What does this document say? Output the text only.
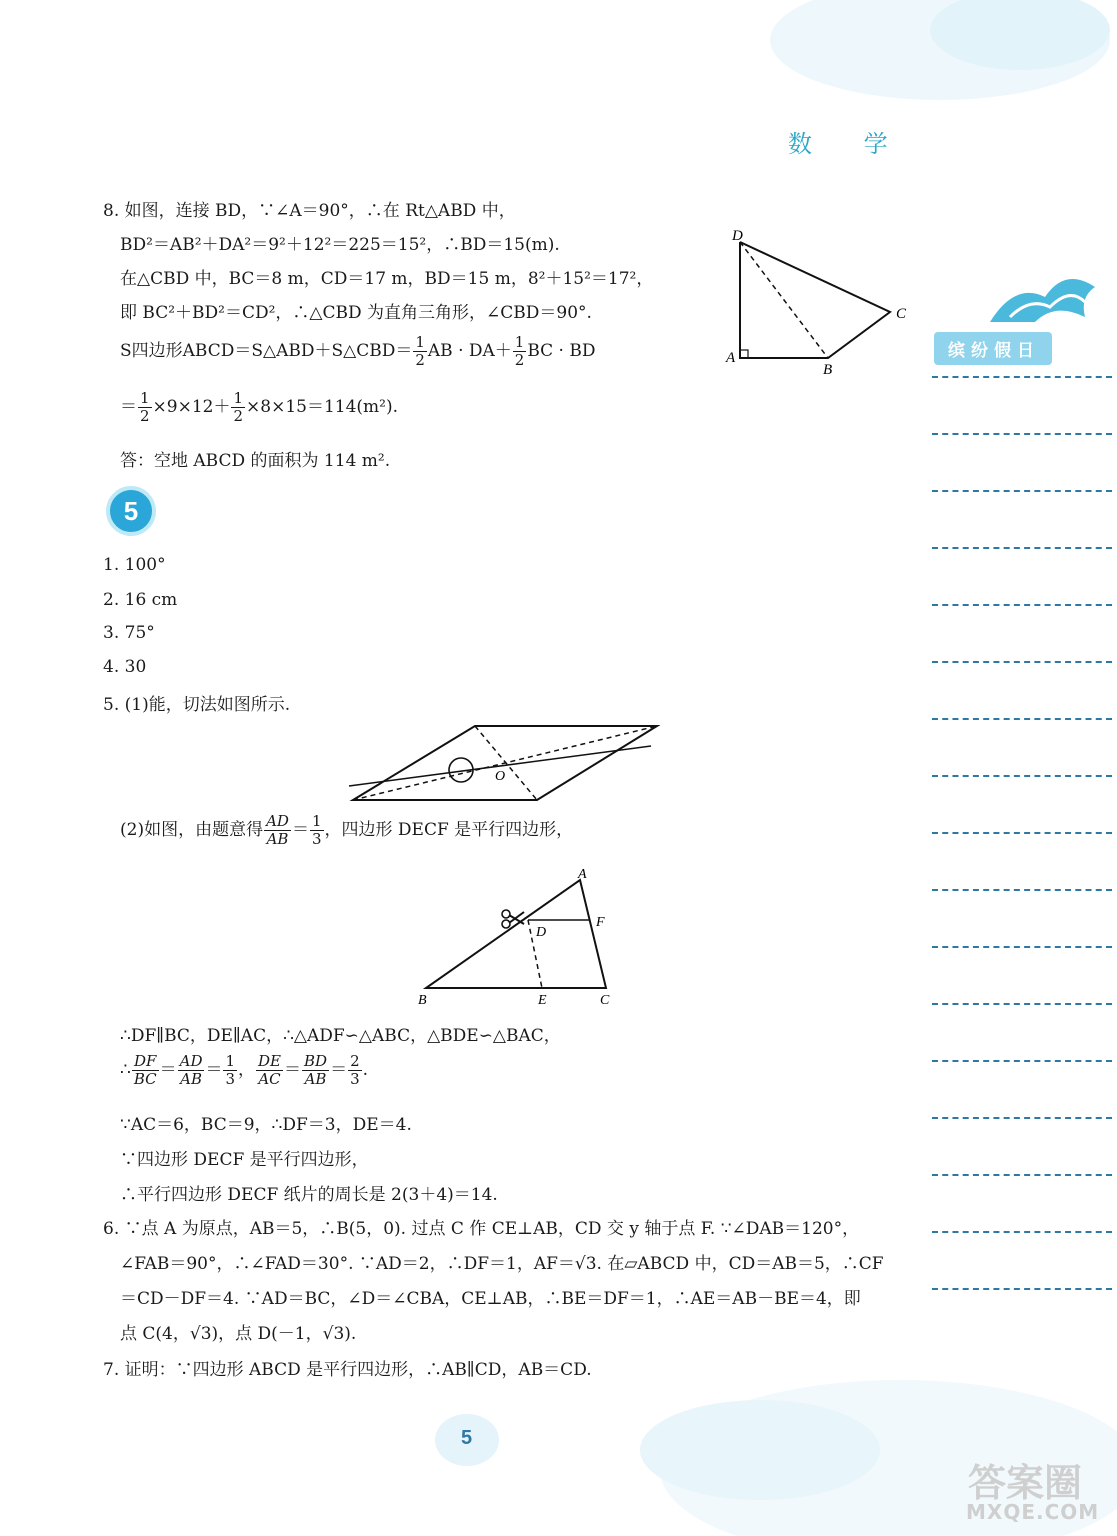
数 学
缤纷假日
8. 如图，连接 BD，∵∠A＝90°，∴在 Rt△ABD 中，
BD²＝AB²＋DA²＝9²＋12²＝225＝15²，∴BD＝15(m).
在△CBD 中，BC＝8 m，CD＝17 m，BD＝15 m，8²＋15²＝17²，
即 BC²＋BD²＝CD²，∴△CBD 为直角三角形，∠CBD＝90°.
S四边形ABCD＝S△ABD＋S△CBD＝ $\frac{1}{2}$ AB · $DA+ \frac{1}{2}$ BC · BD
＝ $\frac{1}{2} \times 9\times 12+ \frac{1}{2} \times 8\times 15=114(m^2)$.
答：空地 ABCD 的面积为 114 m².
D
A
B
C
5
1. 100°
2. 16 cm
3. 75°
4. 30
5. (1)能，切法如图所示.
O
(2)如图，由题意得 $\frac{AD}{AB} = \frac{1}{3}$ ，四边形 DECF 是平行四边形，
A
F
D
B	E	C
∴DF∥BC，DE∥AC，∴△ADF∽△ABC，△BDE∽△BAC，
∴ $\frac{DF}{BC} = \frac{AD}{AB} = \frac{1}{3}$ ， $\frac{DE}{AC} = \frac{BD}{AB} = \frac{2}{3}$ .
∵AC＝6，BC＝9，∴DF＝3，DE＝4.
∵四边形 DECF 是平行四边形，
∴平行四边形 DECF 纸片的周长是 2(3＋4)＝14.
6. ∵点 A 为原点，AB＝5，∴B(5，0). 过点 C 作 CE⊥AB，CD 交 y 轴于点 F. ∵∠DAB＝120°，
∠FAB＝90°，∴∠FAD＝30°. ∵AD＝2，∴DF＝1，AF＝√3. 在▱ABCD 中，CD＝AB＝5，∴CF
＝CD－DF＝4. ∵AD＝BC，∠D＝∠CBA，CE⊥AB，∴BE＝DF＝1，∴AE＝AB－BE＝4，即
点 C(4，√3)，点 D(－1，√3).
7. 证明：∵四边形 ABCD 是平行四边形，∴AB∥CD，AB＝CD.
5
答案圈
MXQE.COM
